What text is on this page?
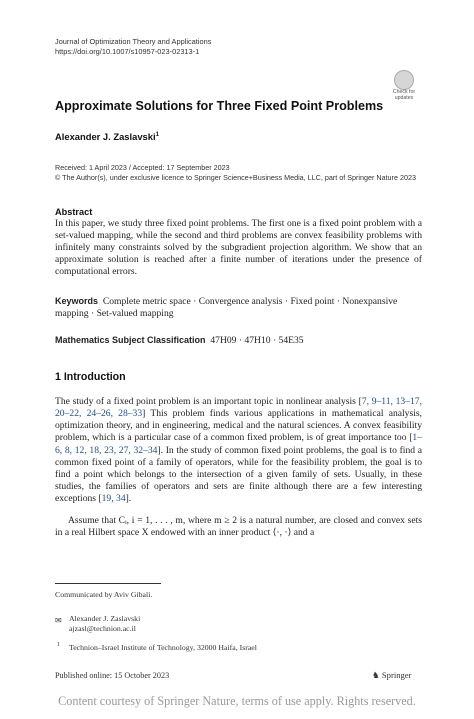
Journal of Optimization Theory and Applications
https://doi.org/10.1007/s10957-023-02313-1
Check for
updates
Approximate Solutions for Three Fixed Point Problems
Alexander J. Zaslavski$^1$
Received: 1 April 2023 / Accepted: 17 September 2023
© The Author(s), under exclusive licence to Springer Science+Business Media, LLC, part of Springer Nature 2023
Abstract
In this paper, we study three fixed point problems. The first one is a fixed point problem with a set-valued mapping, while the second and third problems are convex feasibility problems with infinitely many constraints solved by the subgradient projection algorithm. We show that an approximate solution is reached after a finite number of iterations under the presence of computational errors.
Keywords Complete metric space · Convergence analysis · Fixed point · Nonexpansive mapping · Set-valued mapping
Mathematics Subject Classification 47H09 · 47H10 · 54E35
1 Introduction
The study of a fixed point problem is an important topic in nonlinear analysis [7, 9–11, 13–17, 20–22, 24–26, 28–33] This problem finds various applications in mathematical analysis, optimization theory, and in engineering, medical and the natural sciences. A convex feasibility problem, which is a particular case of a common fixed problem, is of great importance too [1–6, 8, 12, 18, 23, 27, 32–34]. In the study of common fixed point problems, the goal is to find a common fixed point of a family of operators, while for the feasibility problem, the goal is to find a point which belongs to the intersection of a given family of sets. Usually, in these studies, the families of operators and sets are finite although there are a few interesting exceptions [19, 34].
Assume that Cᵢ, i = 1, . . . , m, where m ≥ 2 is a natural number, are closed and convex sets in a real Hilbert space X endowed with an inner product ⟨·, ·⟩ and a
Communicated by Aviv Gibali.
✉ Alexander J. Zaslavski
ajzasl@technion.ac.il
1 Technion–Israel Institute of Technology, 32000 Haifa, Israel
Published online: 15 October 2023	♞ Springer
Content courtesy of Springer Nature, terms of use apply. Rights reserved.
